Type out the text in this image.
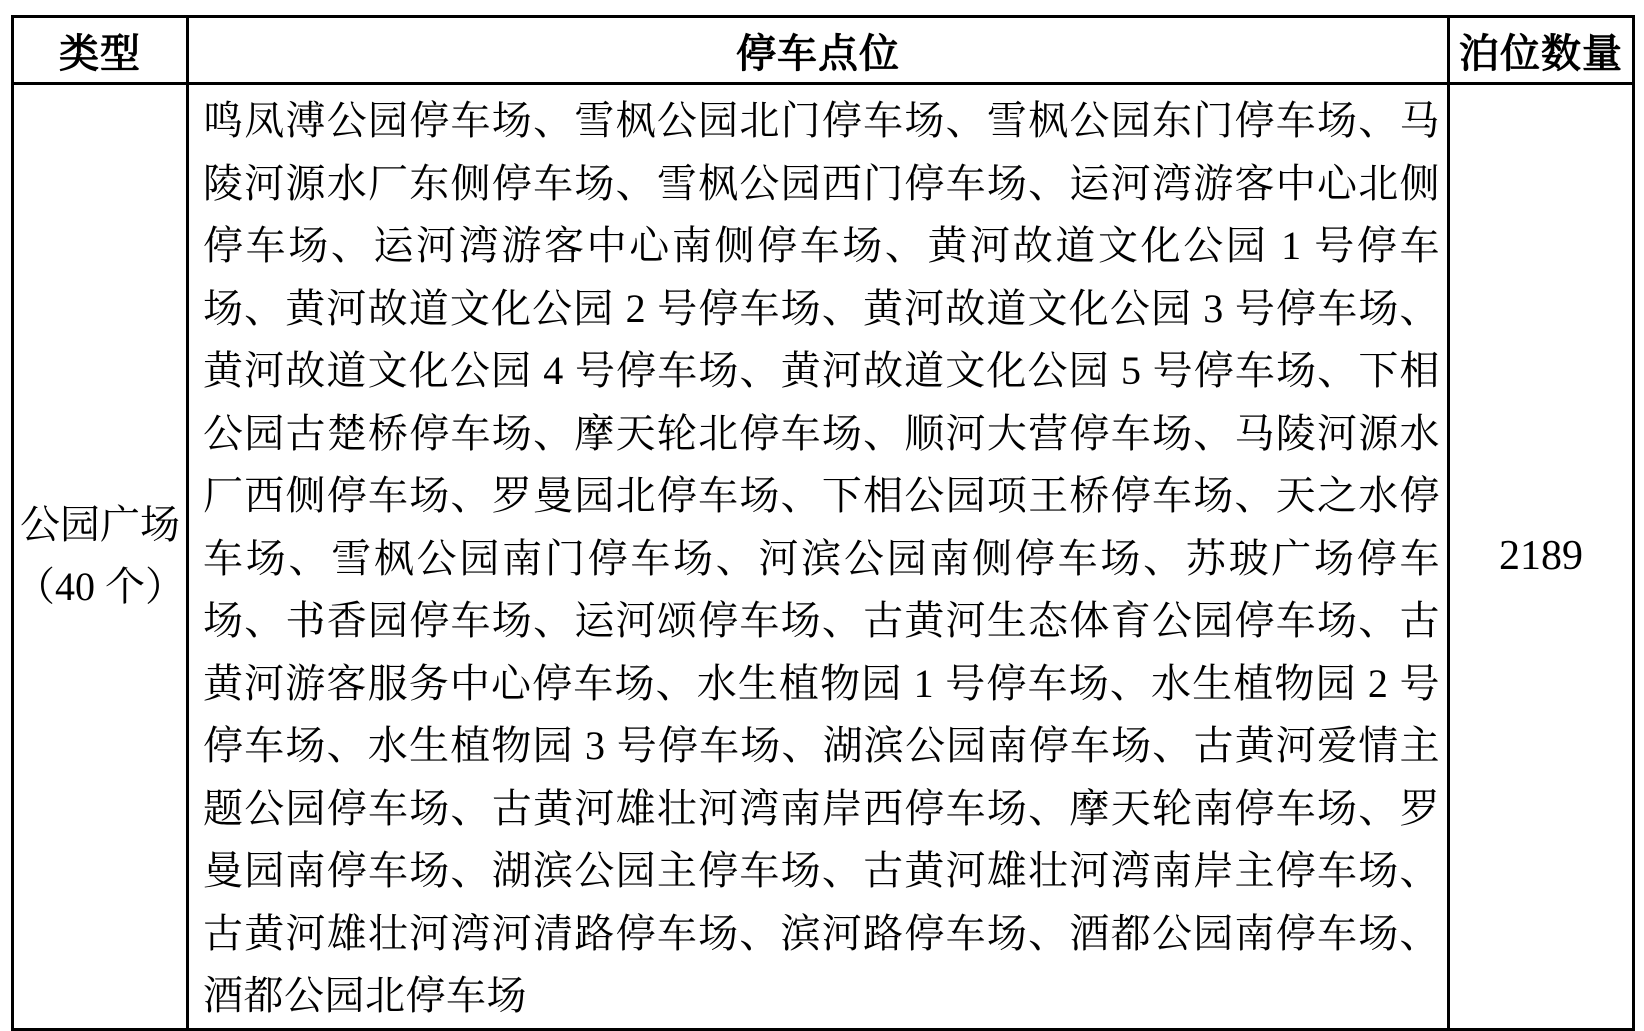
类型	停车点位	泊位数量

公园广场
（40 个）	鸣凤溥公园停车场、雪枫公园北门停车场、雪枫公园东门停车场、马陵河源水厂东侧停车场、雪枫公园西门停车场、运河湾游客中心北侧停车场、运河湾游客中心南侧停车场、黄河故道文化公园 1 号停车场、黄河故道文化公园 2 号停车场、黄河故道文化公园 3 号停车场、黄河故道文化公园 4 号停车场、黄河故道文化公园 5 号停车场、下相公园古楚桥停车场、摩天轮北停车场、顺河大营停车场、马陵河源水厂西侧停车场、罗曼园北停车场、下相公园项王桥停车场、天之水停车场、雪枫公园南门停车场、河滨公园南侧停车场、苏玻广场停车场、书香园停车场、运河颂停车场、古黄河生态体育公园停车场、古黄河游客服务中心停车场、水生植物园 1 号停车场、水生植物园 2 号停车场、水生植物园 3 号停车场、湖滨公园南停车场、古黄河爱情主题公园停车场、古黄河雄壮河湾南岸西停车场、摩天轮南停车场、罗曼园南停车场、湖滨公园主停车场、古黄河雄壮河湾南岸主停车场、古黄河雄壮河湾河清路停车场、滨河路停车场、酒都公园南停车场、酒都公园北停车场	2189
